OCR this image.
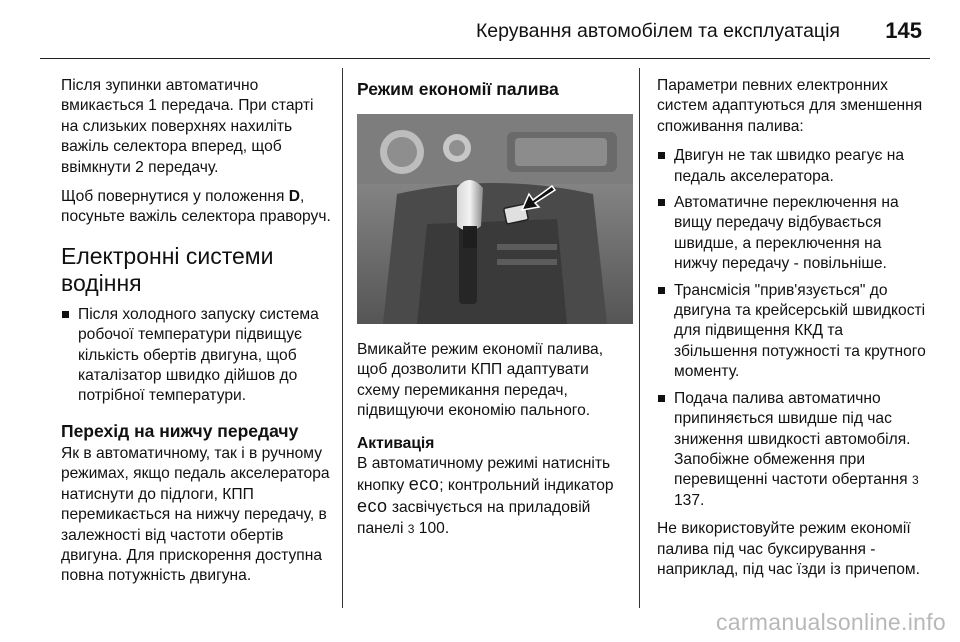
Керування автомобілем та експлуатація 145

Після зупинки автоматично вмикається 1 передача. При старті на слизьких поверхнях нахиліть важіль селектора вперед, щоб ввімкнути 2 передачу.

Щоб повернутися у положення D, посуньте важіль селектора праворуч.

Електронні системи водіння
Після холодного запуску система робочої температури підвищує кількість обертів двигуна, щоб каталізатор швидко дійшов до потрібної температури.
Перехід на нижчу передачу

Як в автоматичному, так і в ручному режимах, якщо педаль акселератора натиснути до підлоги, КПП перемикається на нижчу передачу, в залежності від частоти обертів двигуна. Для прискорення доступна повна потужність двигуна.

Режим економії палива

Вмикайте режим економії палива, щоб дозволити КПП адаптувати схему перемикання передач, підвищуючи економію пального.

Активація

В автоматичному режимі натисніть кнопку eco; контрольний індикатор eco засвічується на приладовій панелі 3 100.

Параметри певних електронних систем адаптуються для зменшення споживання палива:

Двигун не так швидко реагує на педаль акселератора.
Автоматичне переключення на вищу передачу відбувається швидше, а переключення на нижчу передачу - повільніше.
Трансмісія "прив'язується" до двигуна та крейсерській швидкості для підвищення ККД та збільшення потужності та крутного моменту.
Подача палива автоматично припиняється швидше під час зниження швидкості автомобіля. Запобіжне обмеження при перевищенні частоти обертання 3 137.

Не використовуйте режим економії палива під час буксирування - наприклад, під час їзди із причепом.

carmanualsonline.info
